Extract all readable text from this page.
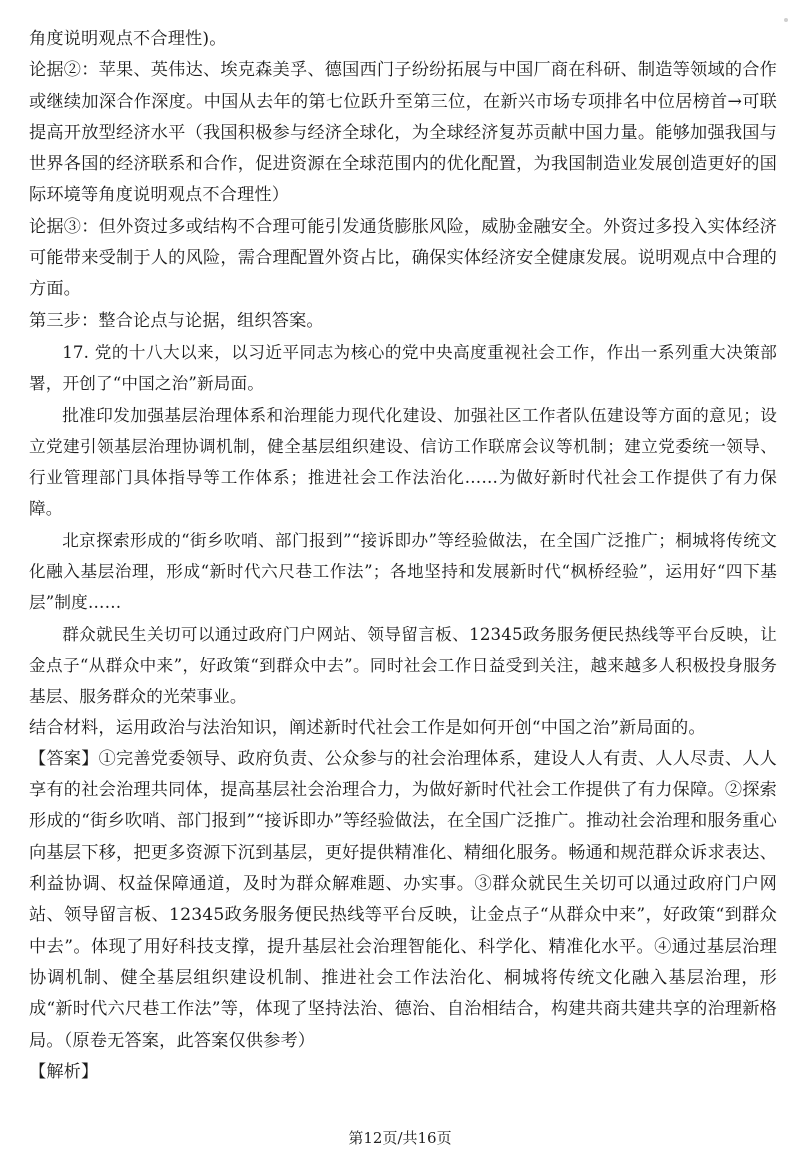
角度说明观点不合理性)。

论据②：苹果、英伟达、埃克森美孚、德国西门子纷纷拓展与中国厂商在科研、制造等领域的合作或继续加深合作深度。中国从去年的第七位跃升至第三位，在新兴市场专项排名中位居榜首→可联提高开放型经济水平（我国积极参与经济全球化，为全球经济复苏贡献中国力量。能够加强我国与世界各国的经济联系和合作，促进资源在全球范围内的优化配置，为我国制造业发展创造更好的国际环境等角度说明观点不合理性）

论据③：但外资过多或结构不合理可能引发通货膨胀风险，威胁金融安全。外资过多投入实体经济可能带来受制于人的风险，需合理配置外资占比，确保实体经济安全健康发展。说明观点中合理的方面。

第三步：整合论点与论据，组织答案。

17. 党的十八大以来，以习近平同志为核心的党中央高度重视社会工作，作出一系列重大决策部署，开创了“中国之治”新局面。

批准印发加强基层治理体系和治理能力现代化建设、加强社区工作者队伍建设等方面的意见；设立党建引领基层治理协调机制，健全基层组织建设、信访工作联席会议等机制；建立党委统一领导、行业管理部门具体指导等工作体系；推进社会工作法治化……为做好新时代社会工作提供了有力保障。

北京探索形成的“街乡吹哨、部门报到”“接诉即办”等经验做法，在全国广泛推广；桐城将传统文化融入基层治理，形成“新时代六尺巷工作法”；各地坚持和发展新时代“枫桥经验”，运用好“四下基层”制度……

群众就民生关切可以通过政府门户网站、领导留言板、12345政务服务便民热线等平台反映，让金点子“从群众中来”，好政策“到群众中去”。同时社会工作日益受到关注，越来越多人积极投身服务基层、服务群众的光荣事业。

结合材料，运用政治与法治知识，阐述新时代社会工作是如何开创“中国之治”新局面的。

【答案】①完善党委领导、政府负责、公众参与的社会治理体系，建设人人有责、人人尽责、人人享有的社会治理共同体，提高基层社会治理合力，为做好新时代社会工作提供了有力保障。②探索形成的“街乡吹哨、部门报到”“接诉即办”等经验做法，在全国广泛推广。推动社会治理和服务重心向基层下移，把更多资源下沉到基层，更好提供精准化、精细化服务。畅通和规范群众诉求表达、利益协调、权益保障通道，及时为群众解难题、办实事。③群众就民生关切可以通过政府门户网站、领导留言板、12345政务服务便民热线等平台反映，让金点子“从群众中来”，好政策“到群众中去”。体现了用好科技支撑，提升基层社会治理智能化、科学化、精准化水平。④通过基层治理协调机制、健全基层组织建设机制、推进社会工作法治化、桐城将传统文化融入基层治理，形成“新时代六尺巷工作法”等，体现了坚持法治、德治、自治相结合，构建共商共建共享的治理新格局。（原卷无答案，此答案仅供参考）

【解析】

第12页/共16页
